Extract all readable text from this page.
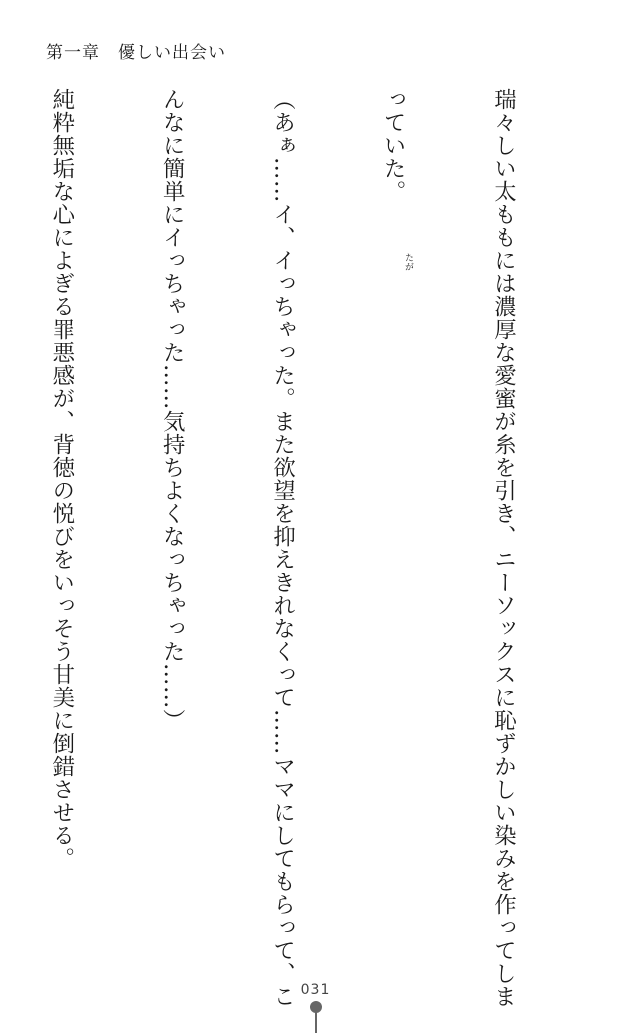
第一章　優しい出会い

瑞々しい太ももには濃厚な愛蜜が糸を引き、ニーソックスに恥ずかしい染みを作ってしま

っていた。

（あぁ……イ、イっちゃった。また欲望を抑えきれなくって……ママにしてもらって、こ

んなに簡単にイっちゃった……気持ちよくなっちゃった……）

純粋無垢な心によぎる罪悪感が、背徳の悦びをいっそう甘美に倒錯させる。

	たが
031
